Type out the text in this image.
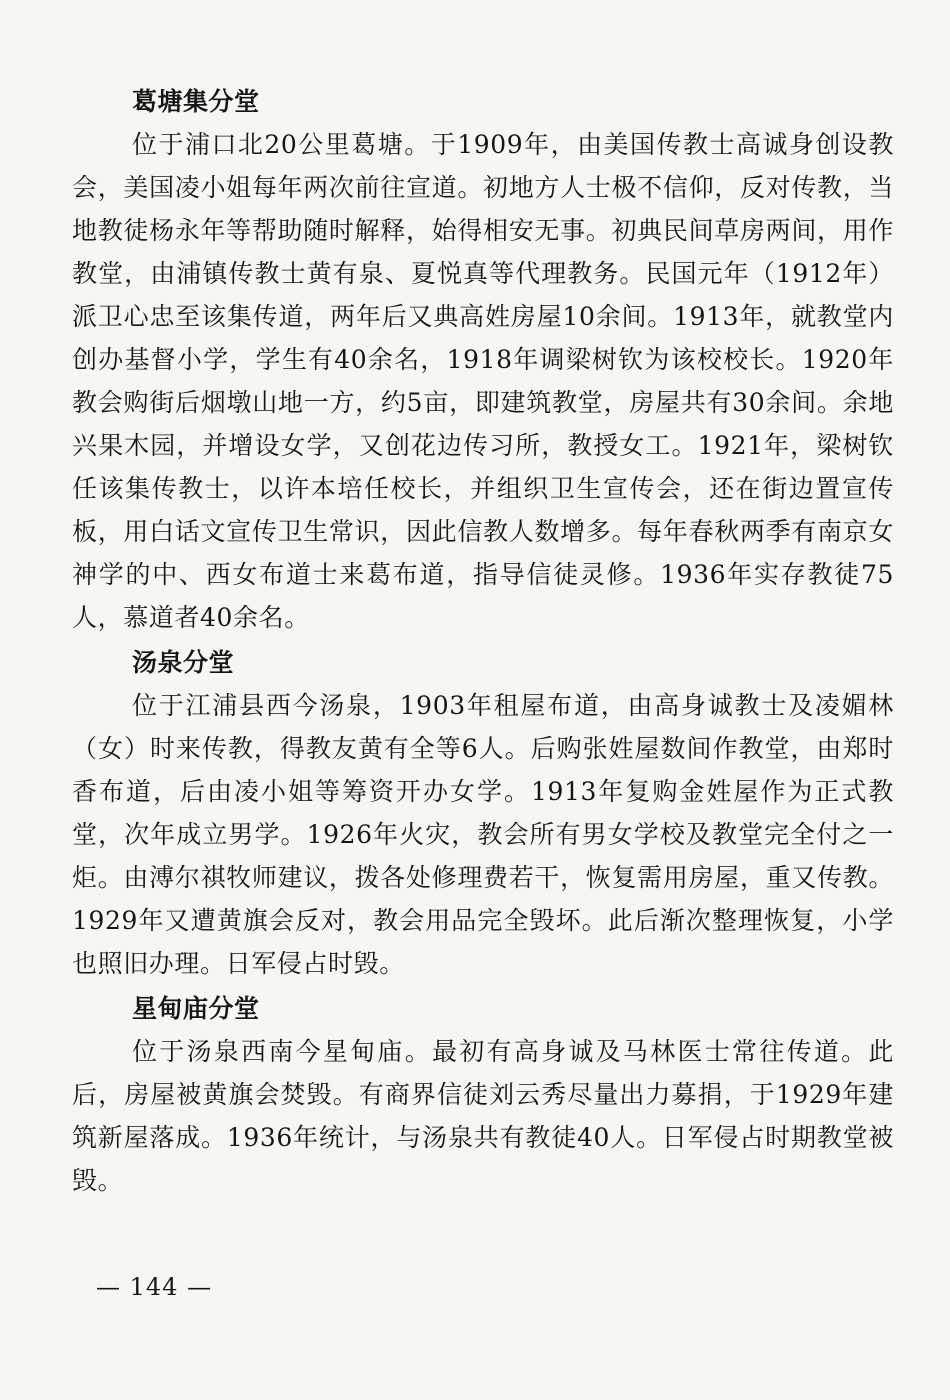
葛塘集分堂

位于浦口北20公里葛塘。于1909年，由美国传教士高诚身创设教会，美国凌小姐每年两次前往宣道。初地方人士极不信仰，反对传教，当地教徒杨永年等帮助随时解释，始得相安无事。初典民间草房两间，用作教堂，由浦镇传教士黄有泉、夏悦真等代理教务。民国元年（1912年）派卫心忠至该集传道，两年后又典高姓房屋10余间。1913年，就教堂内创办基督小学，学生有40余名，1918年调梁树钦为该校校长。1920年教会购街后烟墩山地一方，约5亩，即建筑教堂，房屋共有30余间。余地兴果木园，并增设女学，又创花边传习所，教授女工。1921年，梁树钦任该集传教士，以许本培任校长，并组织卫生宣传会，还在街边置宣传板，用白话文宣传卫生常识，因此信教人数增多。每年春秋两季有南京女神学的中、西女布道士来葛布道，指导信徒灵修。1936年实存教徒75人，慕道者40余名。

汤泉分堂

位于江浦县西今汤泉，1903年租屋布道，由高身诚教士及凌媚林（女）时来传教，得教友黄有全等6人。后购张姓屋数间作教堂，由郑时香布道，后由凌小姐等筹资开办女学。1913年复购金姓屋作为正式教堂，次年成立男学。1926年火灾，教会所有男女学校及教堂完全付之一炬。由溥尔祺牧师建议，拨各处修理费若干，恢复需用房屋，重又传教。1929年又遭黄旗会反对，教会用品完全毁坏。此后渐次整理恢复，小学也照旧办理。日军侵占时毁。

星甸庙分堂

位于汤泉西南今星甸庙。最初有高身诚及马林医士常往传道。此后，房屋被黄旗会焚毁。有商界信徒刘云秀尽量出力募捐，于1929年建筑新屋落成。1936年统计，与汤泉共有教徒40人。日军侵占时期教堂被毁。

— 144 —
